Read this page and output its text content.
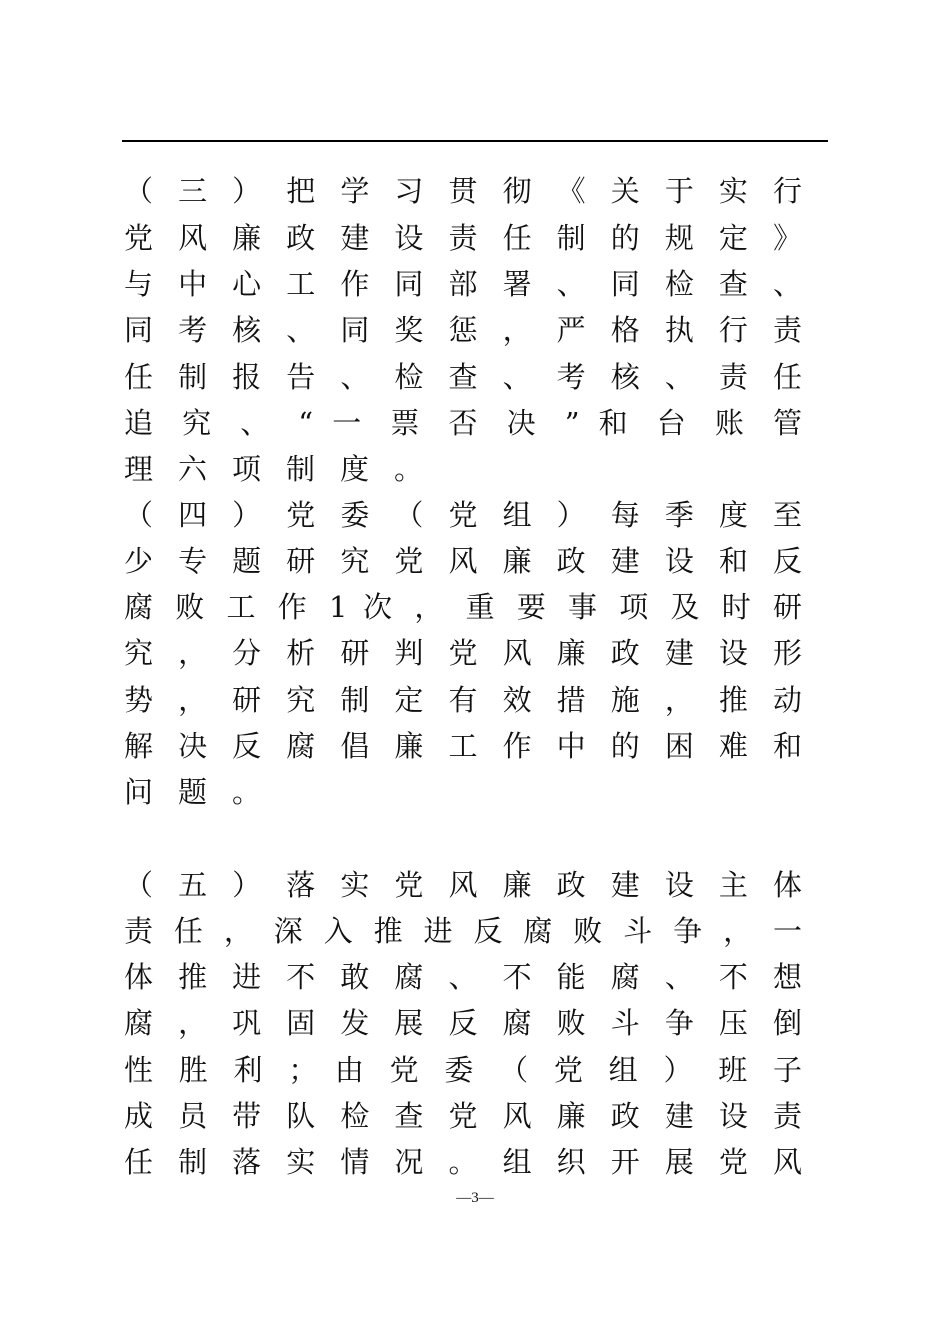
（ 三 ） 把 学 习 贯 彻 《 关 于 实 行
党 风 廉 政 建 设 责 任 制 的 规 定 》
与 中 心 工 作 同 部 署 、 同 检 查 、
同 考 核 、 同 奖 惩 ， 严 格 执 行 责
任 制 报 告 、 检 查 、 考 核 、 责 任
追 究 、 “ 一 票 否 决 ” 和 台 账 管
理六项制度。
（ 四 ） 党 委 （ 党 组 ） 每 季 度 至
少 专 题 研 究 党 风 廉 政 建 设 和 反
腐 败 工 作 1 次 ， 重 要 事 项 及 时 研
究 ， 分 析 研 判 党 风 廉 政 建 设 形
势 ， 研 究 制 定 有 效 措 施 ， 推 动
解 决 反 腐 倡 廉 工 作 中 的 困 难 和
问题。
（ 五 ） 落 实 党 风 廉 政 建 设 主 体
责 任 ， 深 入 推 进 反 腐 败 斗 争 ， 一
体 推 进 不 敢 腐 、 不 能 腐 、 不 想
腐 ， 巩 固 发 展 反 腐 败 斗 争 压 倒
性 胜 利 ； 由 党 委 （ 党 组 ） 班 子
成 员 带 队 检 查 党 风 廉 政 建 设 责
任 制 落 实 情 况 。 组 织 开 展 党 风
—3—
